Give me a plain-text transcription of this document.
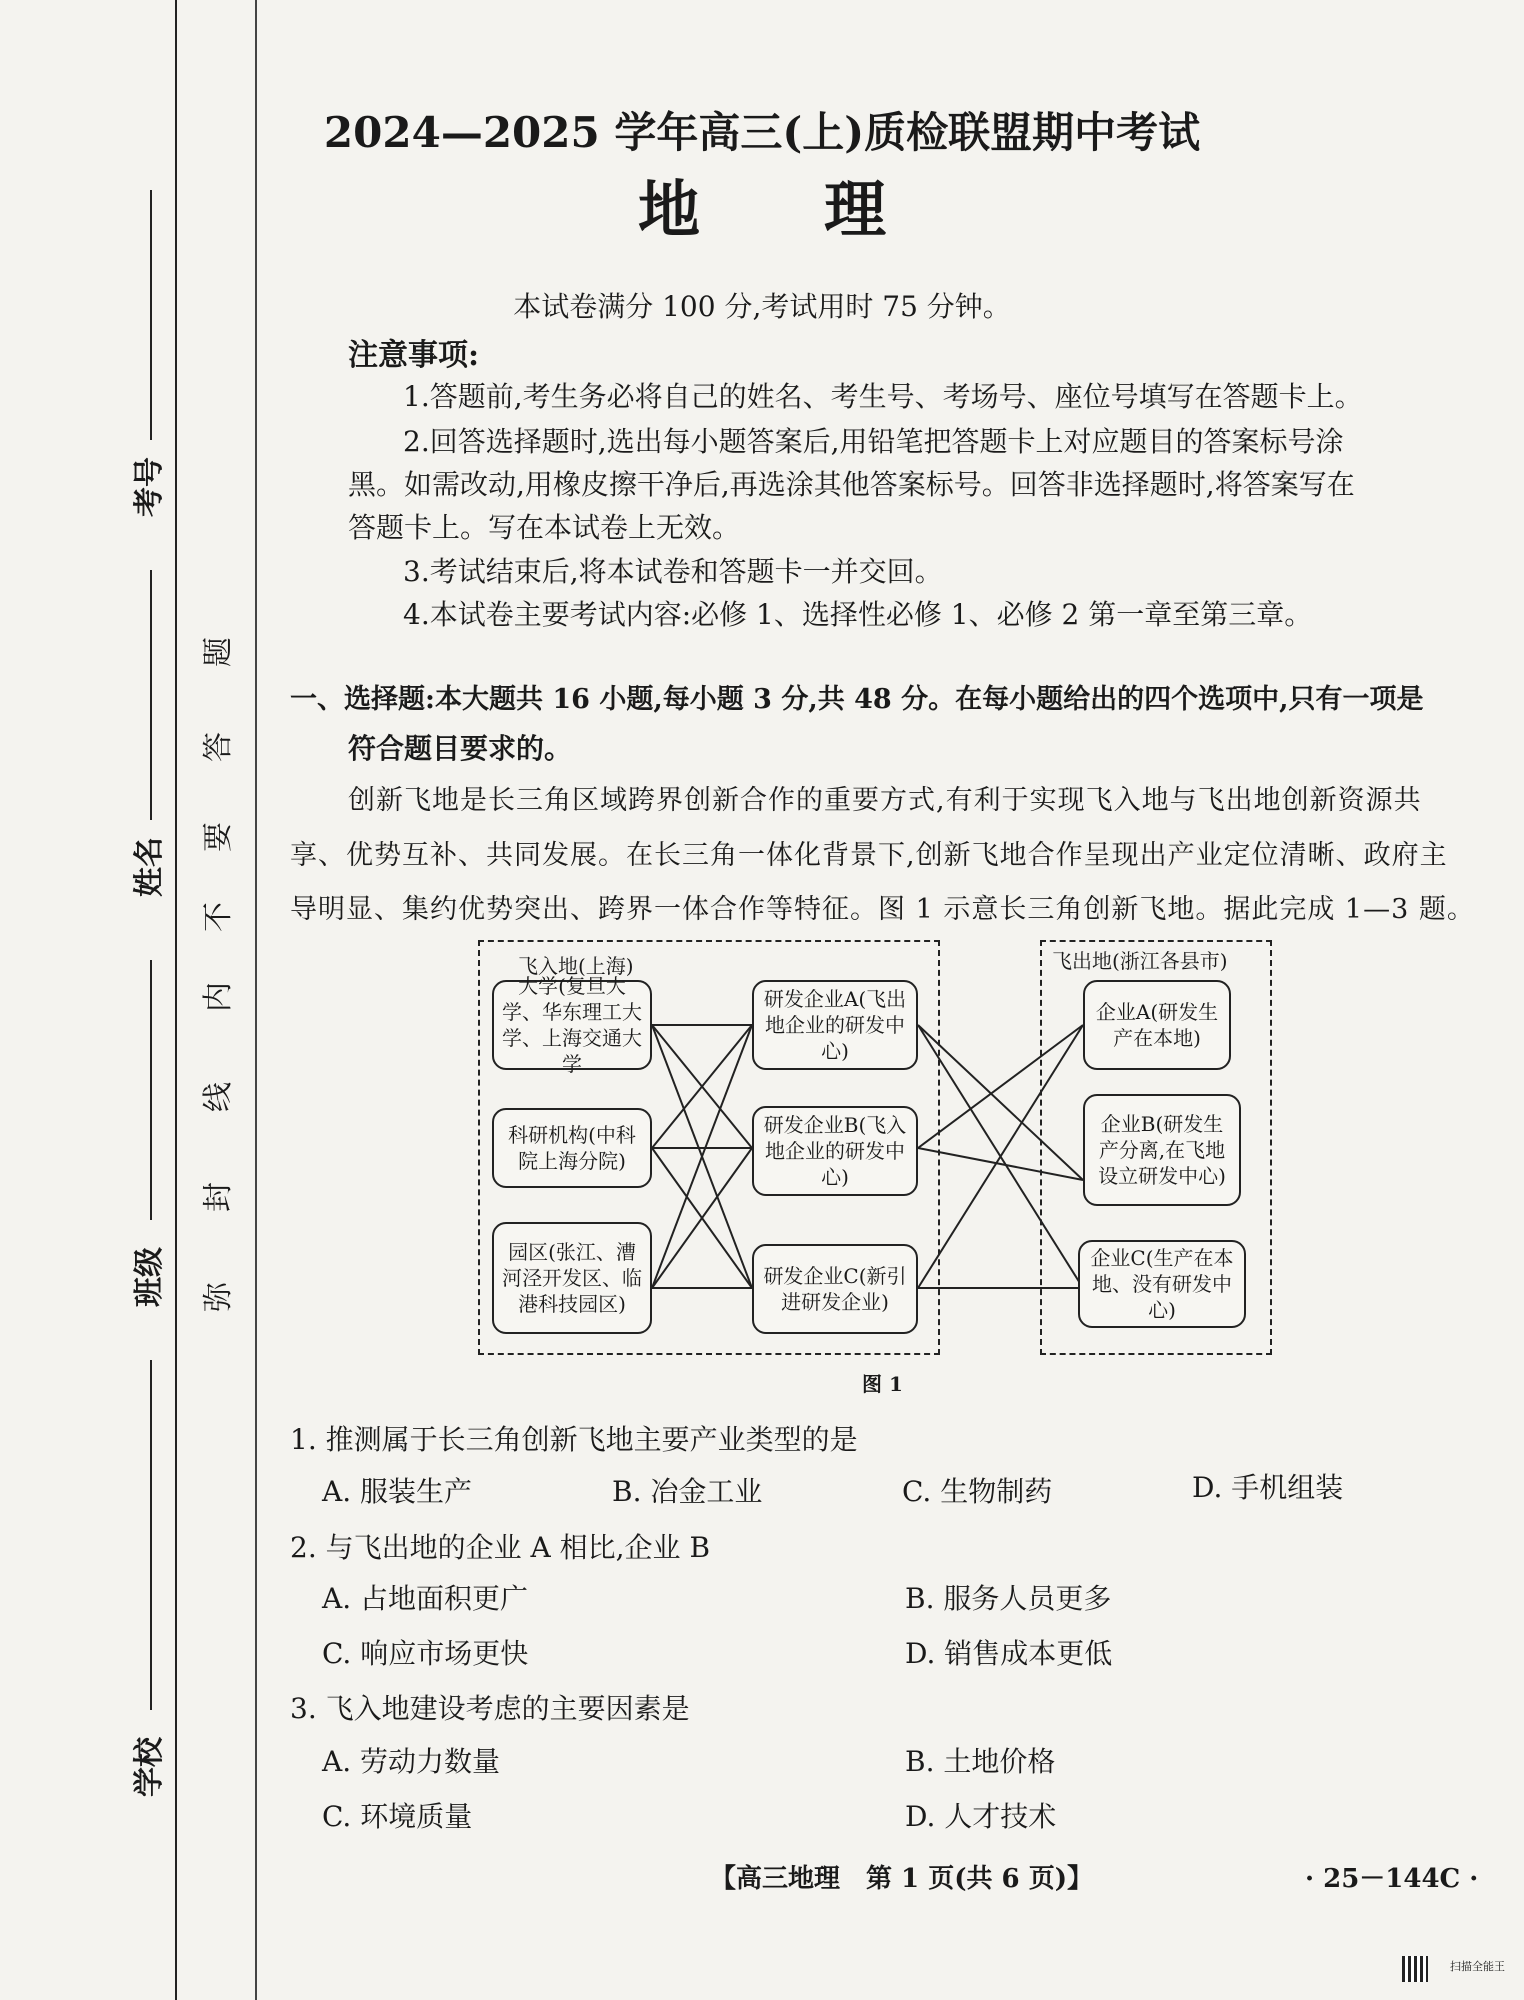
考号
姓名
班级
学校
弥
封
线
内
不
要
答
题
2024—2025 学年高三(上)质检联盟期中考试
地　　理
本试卷满分 100 分,考试用时 75 分钟。
注意事项:
1.答题前,考生务必将自己的姓名、考生号、考场号、座位号填写在答题卡上。
2.回答选择题时,选出每小题答案后,用铅笔把答题卡上对应题目的答案标号涂
黑。如需改动,用橡皮擦干净后,再选涂其他答案标号。回答非选择题时,将答案写在
答题卡上。写在本试卷上无效。
3.考试结束后,将本试卷和答题卡一并交回。
4.本试卷主要考试内容:必修 1、选择性必修 1、必修 2 第一章至第三章。
一、选择题:本大题共 16 小题,每小题 3 分,共 48 分。在每小题给出的四个选项中,只有一项是
符合题目要求的。
创新飞地是长三角区域跨界创新合作的重要方式,有利于实现飞入地与飞出地创新资源共
享、优势互补、共同发展。在长三角一体化背景下,创新飞地合作呈现出产业定位清晰、政府主
导明显、集约优势突出、跨界一体合作等特征。图 1 示意长三角创新飞地。据此完成 1—3 题。
飞入地(上海)	飞出地(浙江各县市)
大学(复旦大学、华东理工大学、上海交通大学
科研机构(中科院上海分院)
园区(张江、漕河泾开发区、临港科技园区)
研发企业A(飞出地企业的研发中心)
研发企业B(飞入地企业的研发中心)
研发企业C(新引进研发企业)
企业A(研发生产在本地)
企业B(研发生产分离,在飞地设立研发中心)
企业C(生产在本地、没有研发中心)
图 1
1. 推测属于长三角创新飞地主要产业类型的是
A. 服装生产	B. 冶金工业	C. 生物制药	D. 手机组装
2. 与飞出地的企业 A 相比,企业 B
A. 占地面积更广	B. 服务人员更多
C. 响应市场更快	D. 销售成本更低
3. 飞入地建设考虑的主要因素是
A. 劳动力数量	B. 土地价格
C. 环境质量	D. 人才技术
【高三地理　第 1 页(共 6 页)】	· 25－144C ·
扫描全能王
